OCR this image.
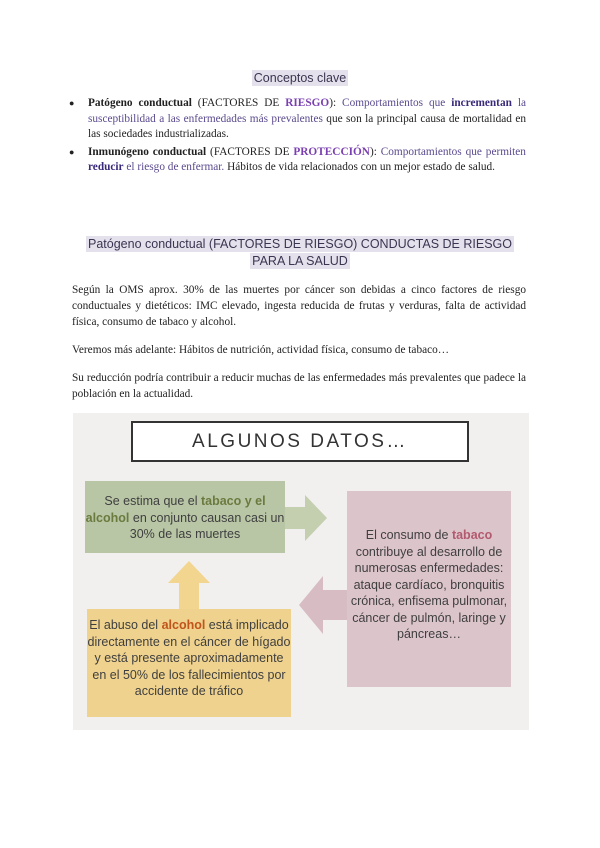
Conceptos clave
● Patógeno conductual (FACTORES DE RIESGO): Comportamientos que incrementan la susceptibilidad a las enfermedades más prevalentes que son la principal causa de mortalidad en las sociedades industrializadas.
● Inmunógeno conductual (FACTORES DE PROTECCIÓN): Comportamientos que permiten reducir el riesgo de enfermar. Hábitos de vida relacionados con un mejor estado de salud.
Patógeno conductual (FACTORES DE RIESGO) CONDUCTAS DE RIESGO
PARA LA SALUD

Según la OMS aprox. 30% de las muertes por cáncer son debidas a cinco factores de riesgo conductuales y dietéticos: IMC elevado, ingesta reducida de frutas y verduras, falta de actividad física, consumo de tabaco y alcohol.

Veremos más adelante: Hábitos de nutrición, actividad física, consumo de tabaco…

Su reducción podría contribuir a reducir muchas de las enfermedades más prevalentes que padece la población en la actualidad.

ALGUNOS DATOS…
Se estima que el tabaco y el alcohol en conjunto causan casi un 30% de las muertes	El consumo de tabaco contribuye al desarrollo de numerosas enfermedades: ataque cardíaco, bronquitis crónica, enfisema pulmonar, cáncer de pulmón, laringe y páncreas…
El abuso del alcohol está implicado directamente en el cáncer de hígado y está presente aproximadamente en el 50% de los fallecimientos por accidente de tráfico
